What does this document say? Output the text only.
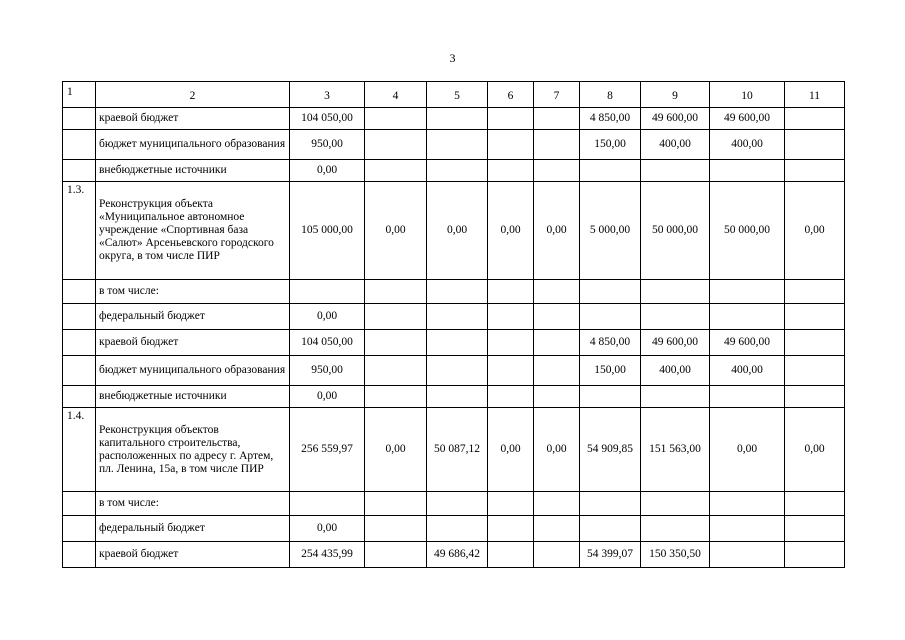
3
1	2	3	4	5	6	7	8	9	10	11
	краевой бюджет	104 050,00					4 850,00	49 600,00	49 600,00	
	бюджет муниципального образования	950,00					150,00	400,00	400,00	
	внебюджетные источники	0,00								
1.3.	Реконструкция объекта «Муниципальное автономное учреждение «Спортивная база «Салют» Арсеньевского городского округа, в том числе ПИР	105 000,00	0,00	0,00	0,00	0,00	5 000,00	50 000,00	50 000,00	0,00
	в том числе:									
	федеральный бюджет	0,00								
	краевой бюджет	104 050,00					4 850,00	49 600,00	49 600,00	
	бюджет муниципального образования	950,00					150,00	400,00	400,00	
	внебюджетные источники	0,00								
1.4.	Реконструкция объектов капитального строительства, расположенных по адресу г. Артем, пл. Ленина, 15а, в том числе ПИР	256 559,97	0,00	50 087,12	0,00	0,00	54 909,85	151 563,00	0,00	0,00
	в том числе:									
	федеральный бюджет	0,00								
	краевой бюджет	254 435,99		49 686,42			54 399,07	150 350,50		
